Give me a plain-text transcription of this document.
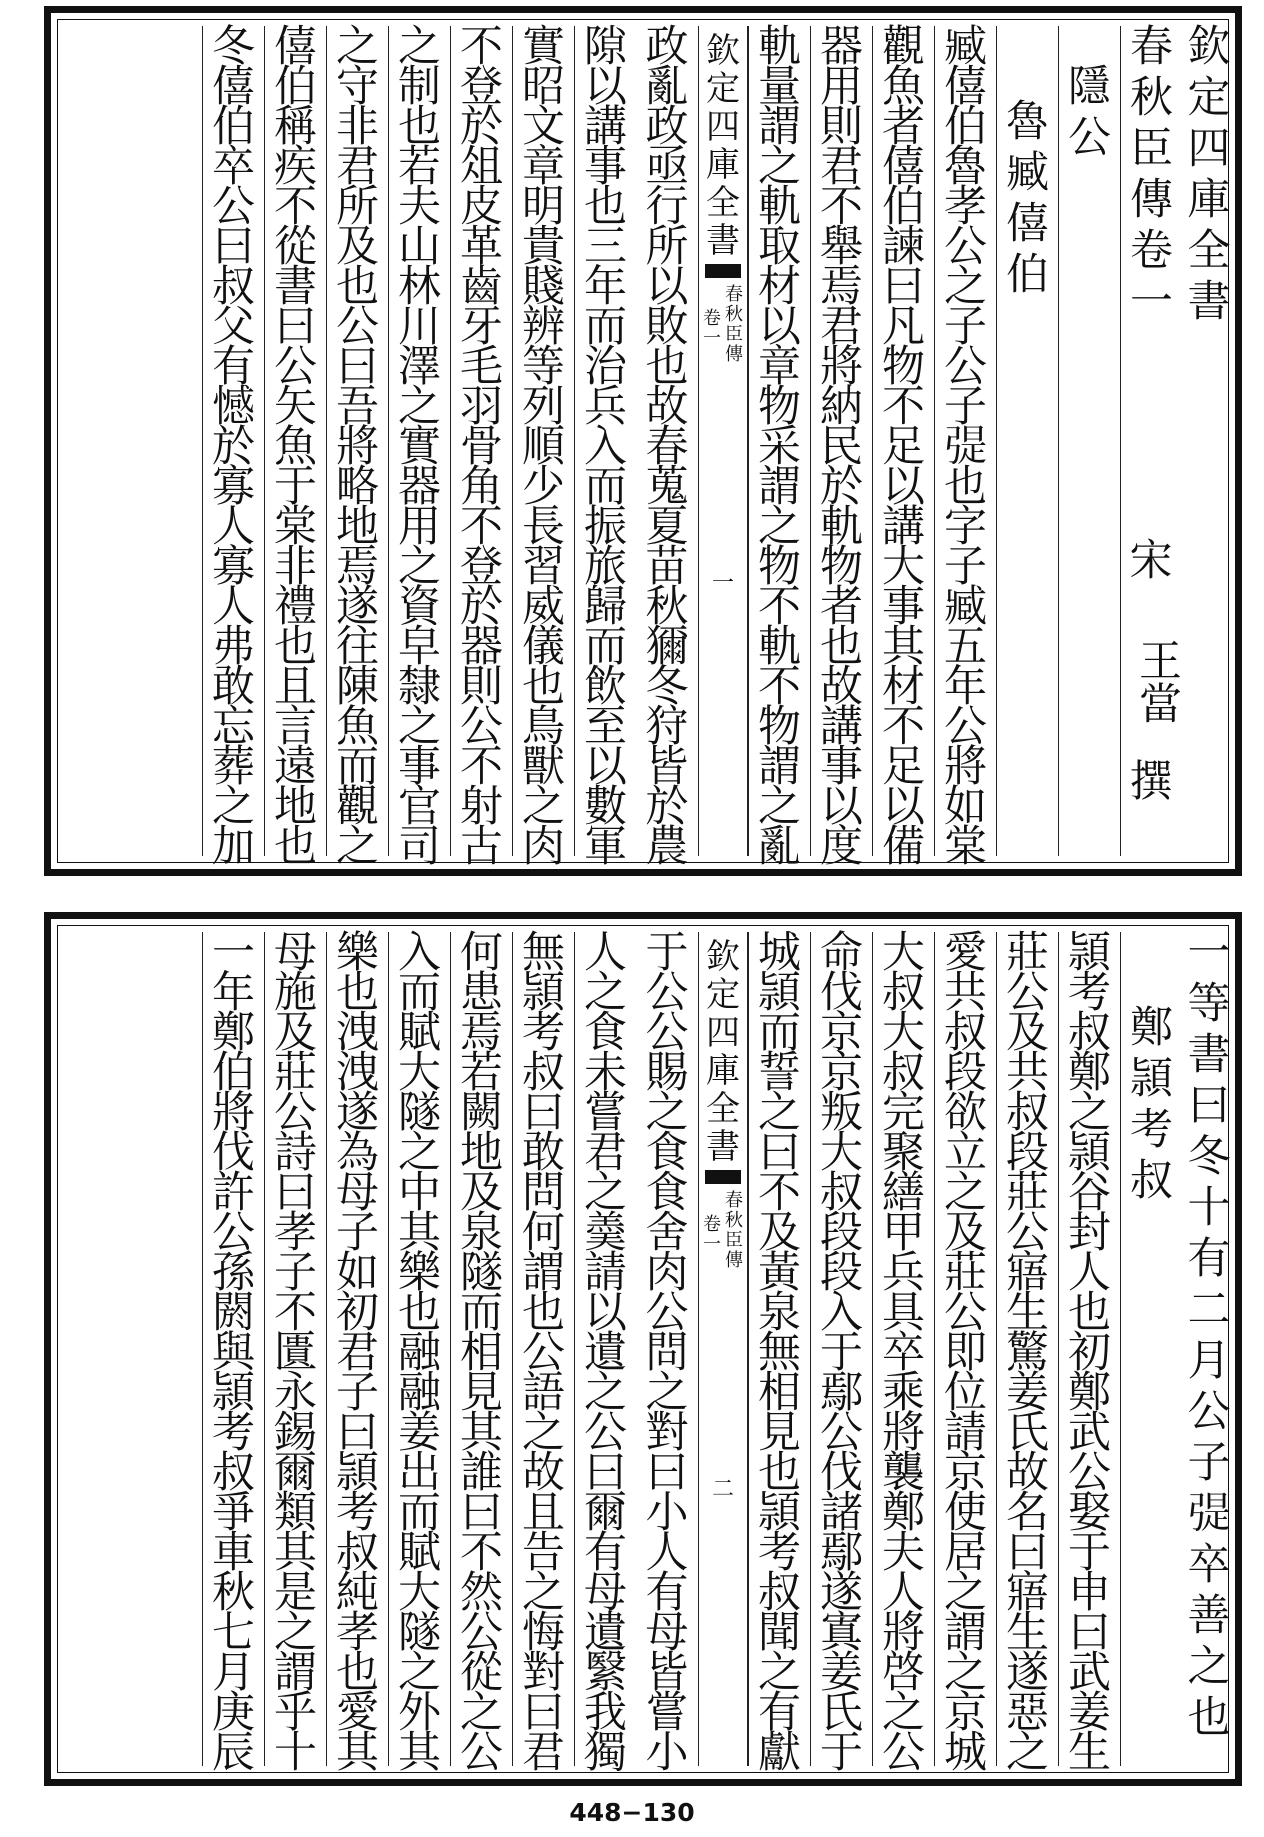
欽
定
四
庫
全
書
春
秋
臣
傳
卷
一
隱
公
魯
臧
僖
伯
臧
僖
伯
魯
孝
公
之
子
公
子
𢐂
也
字
子
臧
五
年
公
將
如
棠
觀
魚
者
僖
伯
諫
曰
凡
物
不
足
以
講
大
事
其
材
不
足
以
備
器
用
則
君
不
舉
焉
君
將
納
民
於
軌
物
者
也
故
講
事
以
度
軌
量
謂
之
軌
取
材
以
章
物
采
謂
之
物
不
軌
不
物
謂
之
亂
欽
定
四
庫
全
書
春
秋
臣
傳
卷
一
一
政
亂
政
亟
行
所
以
敗
也
故
春
蒐
夏
苗
秋
獮
冬
狩
皆
於
農
隙
以
講
事
也
三
年
而
治
兵
入
而
振
旅
歸
而
飲
至
以
數
軍
實
昭
文
章
明
貴
賤
辨
等
列
順
少
長
習
威
儀
也
鳥
獸
之
肉
不
登
於
俎
皮
革
齒
牙
毛
羽
骨
角
不
登
於
器
則
公
不
射
古
之
制
也
若
夫
山
林
川
澤
之
實
器
用
之
資
皁
隸
之
事
官
司
之
守
非
君
所
及
也
公
曰
吾
將
略
地
焉
遂
往
陳
魚
而
觀
之
僖
伯
稱
疾
不
從
書
曰
公
矢
魚
于
棠
非
禮
也
且
言
遠
地
也
冬
僖
伯
卒
公
曰
叔
父
有
憾
於
寡
人
寡
人
弗
敢
忘
葬
之
加
宋
王當
撰
一
等
書
曰
冬
十
有
二
月
公
子
𢐂
卒
善
之
也
鄭
頴
考
叔
頴
考
叔
鄭
之
頴
谷
封
人
也
初
鄭
武
公
娶
于
申
曰
武
姜
生
莊
公
及
共
叔
段
莊
公
寤
生
驚
姜
氏
故
名
曰
寤
生
遂
惡
之
愛
共
叔
段
欲
立
之
及
莊
公
即
位
請
京
使
居
之
謂
之
京
城
大
叔
大
叔
完
聚
繕
甲
兵
具
卒
乘
將
襲
鄭
夫
人
將
啓
之
公
命
伐
京
京
叛
大
叔
段
段
入
于
鄢
公
伐
諸
鄢
遂
寘
姜
氏
于
城
頴
而
誓
之
曰
不
及
黃
泉
無
相
見
也
頴
考
叔
聞
之
有
獻
欽
定
四
庫
全
書
春
秋
臣
傳
卷
一
二
于
公
公
賜
之
食
食
舍
肉
公
問
之
對
曰
小
人
有
母
皆
嘗
小
人
之
食
未
嘗
君
之
羮
請
以
遺
之
公
曰
爾
有
母
遺
繄
我
獨
無
頴
考
叔
曰
敢
問
何
謂
也
公
語
之
故
且
告
之
悔
對
曰
君
何
患
焉
若
闕
地
及
泉
隧
而
相
見
其
誰
曰
不
然
公
從
之
公
入
而
賦
大
隧
之
中
其
樂
也
融
融
姜
出
而
賦
大
隧
之
外
其
樂
也
洩
洩
遂
為
母
子
如
初
君
子
曰
頴
考
叔
純
孝
也
愛
其
母
施
及
莊
公
詩
曰
孝
子
不
匱
永
錫
爾
類
其
是
之
謂
乎
十
一
年
鄭
伯
將
伐
許
公
孫
閼
與
頴
考
叔
爭
車
秋
七
月
庚
辰
448−130
